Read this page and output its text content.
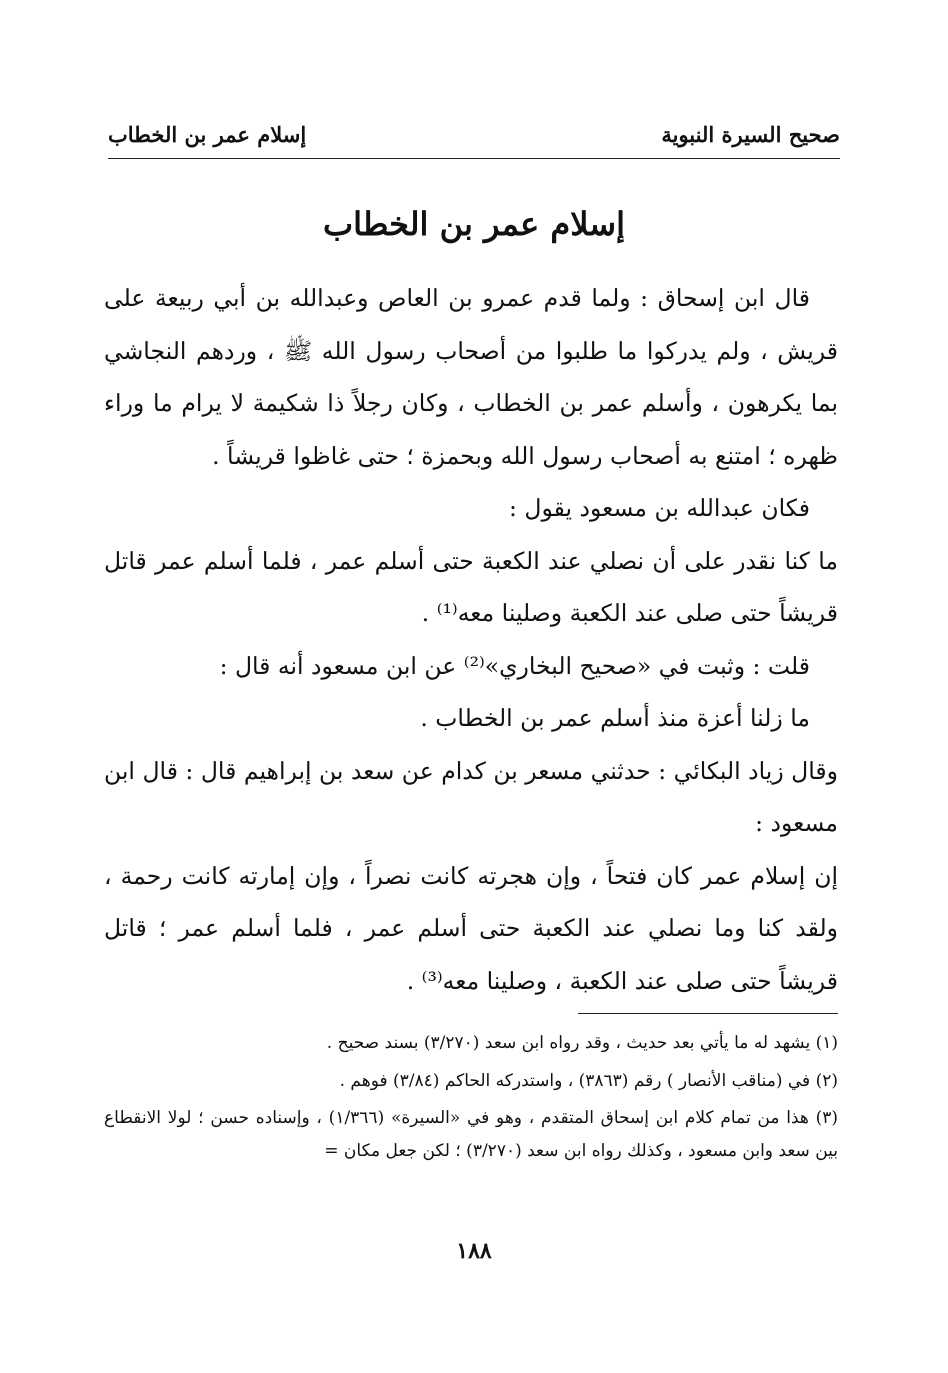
صحيح السيرة النبوية
إسلام عمر بن الخطاب
إسلام عمر بن الخطاب

قال ابن إسحاق : ولما قدم عمرو بن العاص وعبدالله بن أبي ربيعة على قريش ، ولم يدركوا ما طلبوا من أصحاب رسول الله ﷺ ، وردهم النجاشي بما يكرهون ، وأسلم عمر بن الخطاب ، وكان رجلاً ذا شكيمة لا يرام ما وراء ظهره ؛ امتنع به أصحاب رسول الله وبحمزة ؛ حتى غاظوا قريشاً .

فكان عبدالله بن مسعود يقول :

ما كنا نقدر على أن نصلي عند الكعبة حتى أسلم عمر ، فلما أسلم عمر قاتل قريشاً حتى صلى عند الكعبة وصلينا معه⁽¹⁾ .

قلت : وثبت في «صحيح البخاري»⁽²⁾ عن ابن مسعود أنه قال :

ما زلنا أعزة منذ أسلم عمر بن الخطاب .

وقال زياد البكائي : حدثني مسعر بن كدام عن سعد بن إبراهيم قال : قال ابن مسعود :

إن إسلام عمر كان فتحاً ، وإن هجرته كانت نصراً ، وإن إمارته كانت رحمة ، ولقد كنا وما نصلي عند الكعبة حتى أسلم عمر ، فلما أسلم عمر ؛ قاتل قريشاً حتى صلى عند الكعبة ، وصلينا معه⁽³⁾ .

(١) يشهد له ما يأتي بعد حديث ، وقد رواه ابن سعد (٣/٢٧٠) بسند صحيح .

(٢) في (مناقب الأنصار ) رقم (٣٨٦٣) ، واستدركه الحاكم (٣/٨٤) فوهم .

(٣) هذا من تمام كلام ابن إسحاق المتقدم ، وهو في «السيرة» (١/٣٦٦) ، وإسناده حسن ؛ لولا الانقطاع بين سعد وابن مسعود ، وكذلك رواه ابن سعد (٣/٢٧٠) ؛ لكن جعل مكان =

١٨٨
